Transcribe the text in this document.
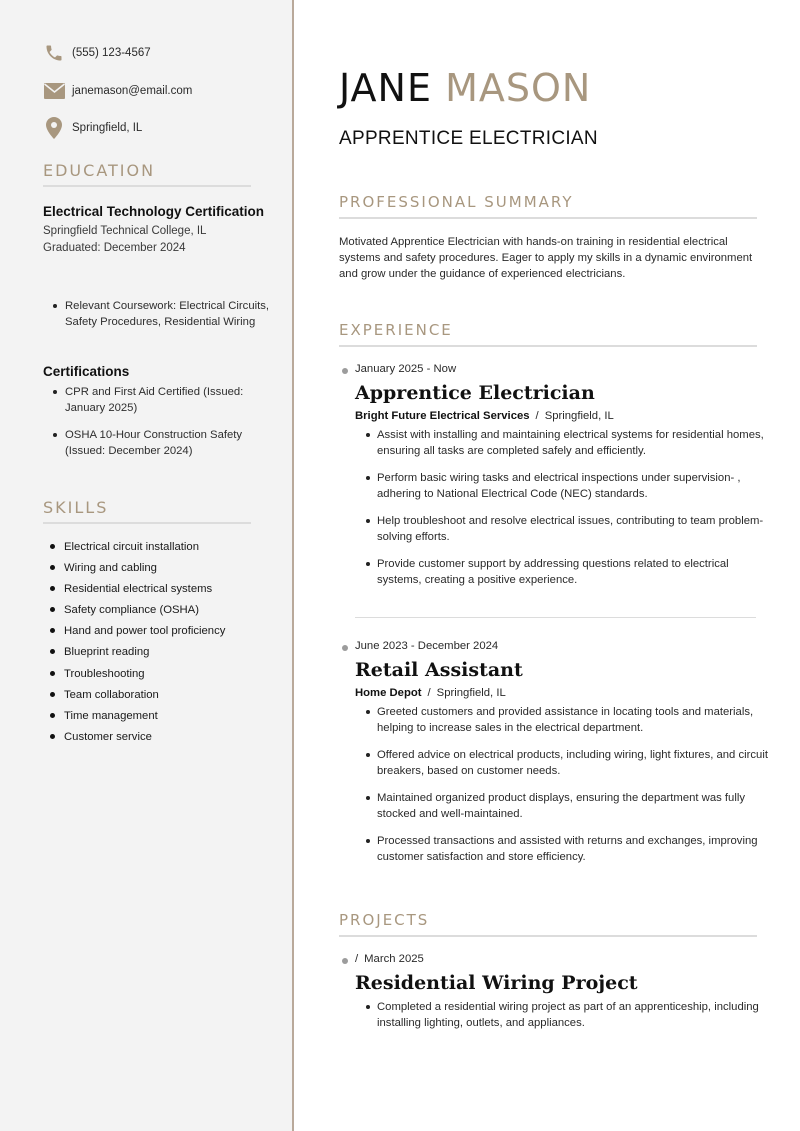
(555) 123-4567
janemason@email.com
Springfield, IL
EDUCATION
Electrical Technology Certification
Springfield Technical College, IL
Graduated: December 2024
Relevant Coursework: Electrical Circuits, Safety Procedures, Residential Wiring
Certifications
CPR and First Aid Certified (Issued: January 2025)
OSHA 10-Hour Construction Safety (Issued: December 2024)
SKILLS
Electrical circuit installation
Wiring and cabling
Residential electrical systems
Safety compliance (OSHA)
Hand and power tool proficiency
Blueprint reading
Troubleshooting
Team collaboration
Time management
Customer service
JANE MASON
APPRENTICE ELECTRICIAN
PROFESSIONAL SUMMARY
Motivated Apprentice Electrician with hands-on training in residential electrical systems and safety procedures. Eager to apply my skills in a dynamic environment and grow under the guidance of experienced electricians.
EXPERIENCE
January 2025 - Now
Apprentice Electrician
Bright Future Electrical Services / Springfield, IL
Assist with installing and maintaining electrical systems for residential homes, ensuring all tasks are completed safely and efficiently.
Perform basic wiring tasks and electrical inspections under supervision- , adhering to National Electrical Code (NEC) standards.
Help troubleshoot and resolve electrical issues, contributing to team problem-solving efforts.
Provide customer support by addressing questions related to electrical systems, creating a positive experience.
June 2023 - December 2024
Retail Assistant
Home Depot / Springfield, IL
Greeted customers and provided assistance in locating tools and materials, helping to increase sales in the electrical department.
Offered advice on electrical products, including wiring, light fixtures, and circuit breakers, based on customer needs.
Maintained organized product displays, ensuring the department was fully stocked and well-maintained.
Processed transactions and assisted with returns and exchanges, improving customer satisfaction and store efficiency.
PROJECTS
/ March 2025
Residential Wiring Project
Completed a residential wiring project as part of an apprenticeship, including installing lighting, outlets, and appliances.
